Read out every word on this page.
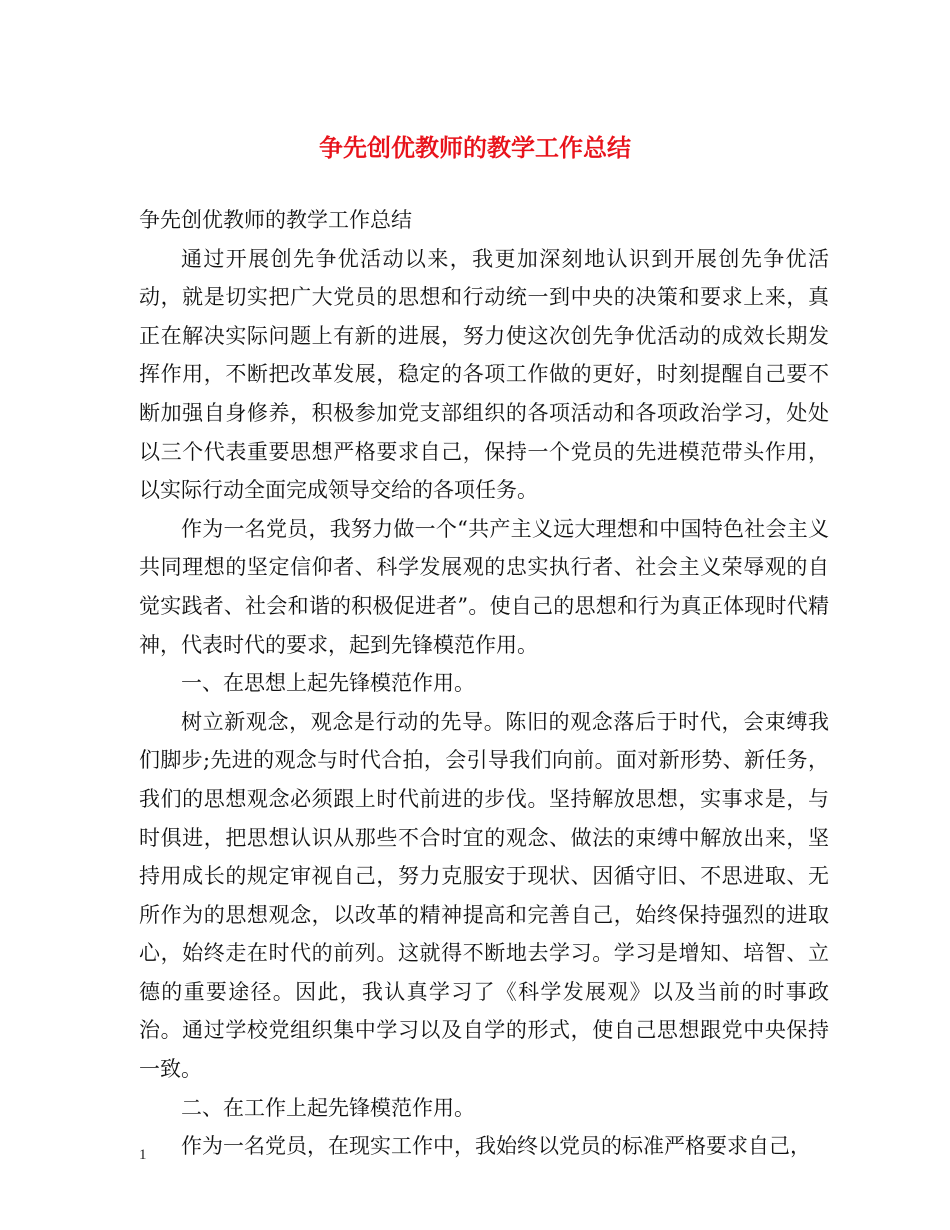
争先创优教师的教学工作总结

争先创优教师的教学工作总结

通过开展创先争优活动以来，我更加深刻地认识到开展创先争优活动，就是切实把广大党员的思想和行动统一到中央的决策和要求上来，真正在解决实际问题上有新的进展，努力使这次创先争优活动的成效长期发挥作用，不断把改革发展，稳定的各项工作做的更好，时刻提醒自己要不断加强自身修养，积极参加党支部组织的各项活动和各项政治学习，处处以三个代表重要思想严格要求自己，保持一个党员的先进模范带头作用，以实际行动全面完成领导交给的各项任务。

作为一名党员，我努力做一个“共产主义远大理想和中国特色社会主义共同理想的坚定信仰者、科学发展观的忠实执行者、社会主义荣辱观的自觉实践者、社会和谐的积极促进者”。使自己的思想和行为真正体现时代精神，代表时代的要求，起到先锋模范作用。

一、在思想上起先锋模范作用。

树立新观念，观念是行动的先导。陈旧的观念落后于时代，会束缚我们脚步;先进的观念与时代合拍，会引导我们向前。面对新形势、新任务，我们的思想观念必须跟上时代前进的步伐。坚持解放思想，实事求是，与时俱进，把思想认识从那些不合时宜的观念、做法的束缚中解放出来，坚持用成长的规定审视自己，努力克服安于现状、因循守旧、不思进取、无所作为的思想观念，以改革的精神提高和完善自己，始终保持强烈的进取心，始终走在时代的前列。这就得不断地去学习。学习是增知、培智、立德的重要途径。因此，我认真学习了《科学发展观》以及当前的时事政治。通过学校党组织集中学习以及自学的形式，使自己思想跟党中央保持一致。

二、在工作上起先锋模范作用。

作为一名党员，在现实工作中，我始终以党员的标准严格要求自己，

1
